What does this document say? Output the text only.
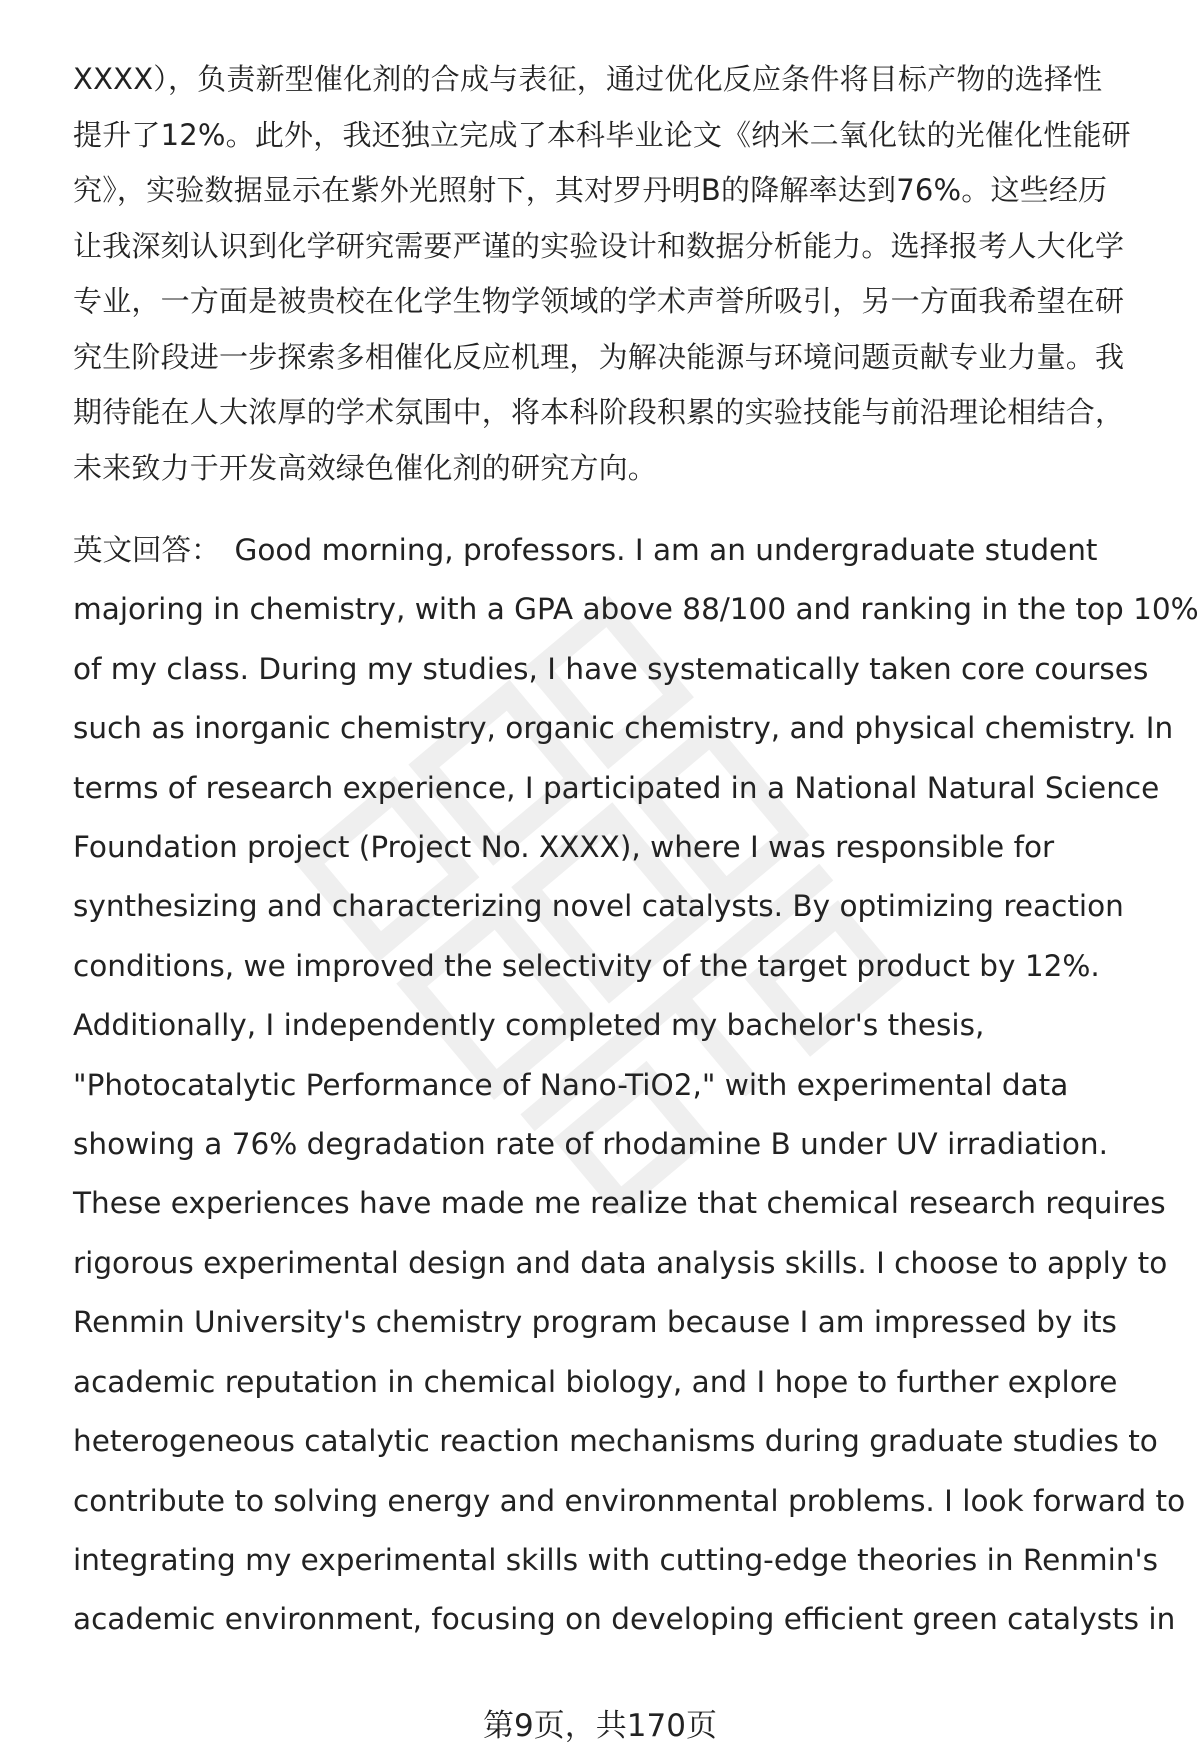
XXXX），负责新型催化剂的合成与表征，通过优化反应条件将目标产物的选择性
提升了12%。此外，我还独立完成了本科毕业论文《纳米二氧化钛的光催化性能研
究》，实验数据显示在紫外光照射下，其对罗丹明B的降解率达到76%。这些经历
让我深刻认识到化学研究需要严谨的实验设计和数据分析能力。选择报考人大化学
专业，一方面是被贵校在化学生物学领域的学术声誉所吸引，另一方面我希望在研
究生阶段进一步探索多相催化反应机理，为解决能源与环境问题贡献专业力量。我
期待能在人大浓厚的学术氛围中，将本科阶段积累的实验技能与前沿理论相结合，
未来致力于开发高效绿色催化剂的研究方向。

英文回答： Good morning, professors. I am an undergraduate student
majoring in chemistry, with a GPA above 88/100 and ranking in the top 10%
of my class. During my studies, I have systematically taken core courses
such as inorganic chemistry, organic chemistry, and physical chemistry. In
terms of research experience, I participated in a National Natural Science
Foundation project (Project No. XXXX), where I was responsible for
synthesizing and characterizing novel catalysts. By optimizing reaction
conditions, we improved the selectivity of the target product by 12%.
Additionally, I independently completed my bachelor's thesis,
"Photocatalytic Performance of Nano-TiO2," with experimental data
showing a 76% degradation rate of rhodamine B under UV irradiation.
These experiences have made me realize that chemical research requires
rigorous experimental design and data analysis skills. I choose to apply to
Renmin University's chemistry program because I am impressed by its
academic reputation in chemical biology, and I hope to further explore
heterogeneous catalytic reaction mechanisms during graduate studies to
contribute to solving energy and environmental problems. I look forward to
integrating my experimental skills with cutting-edge theories in Renmin's
academic environment, focusing on developing efficient green catalysts in

第9页，共170页
